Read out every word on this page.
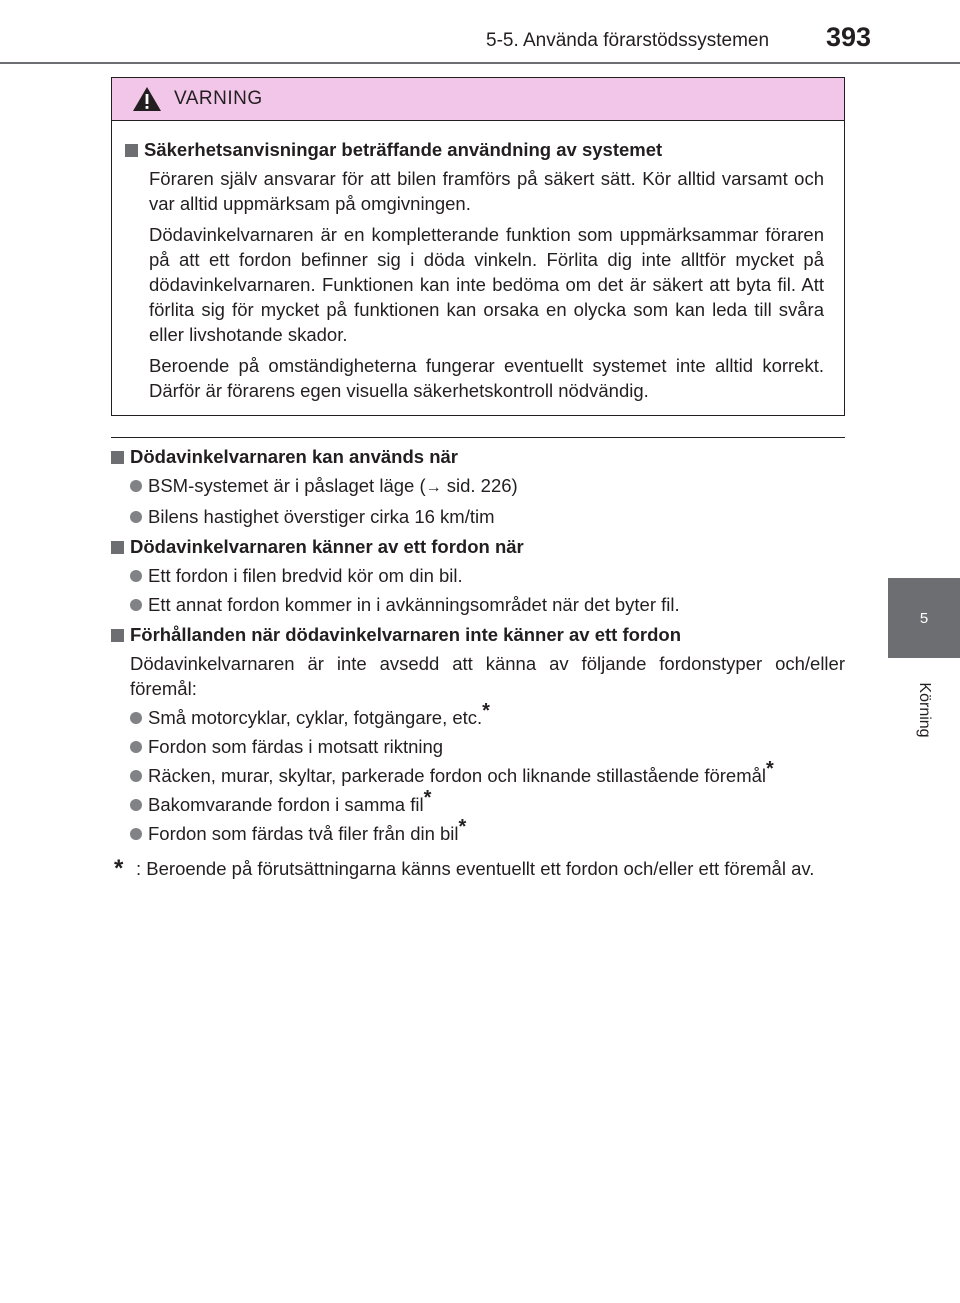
5-5. Använda förarstödssystemen 393
5
Körning
VARNING
Säkerhetsanvisningar beträffande användning av systemet

Föraren själv ansvarar för att bilen framförs på säkert sätt. Kör alltid varsamt och var alltid uppmärksam på omgivningen.

Dödavinkelvarnaren är en kompletterande funktion som uppmärksammar föraren på att ett fordon befinner sig i döda vinkeln. Förlita dig inte alltför mycket på dödavinkelvarnaren. Funktionen kan inte bedöma om det är säkert att byta fil. Att förlita sig för mycket på funktionen kan orsaka en olycka som kan leda till svåra eller livshotande skador.

Beroende på omständigheterna fungerar eventuellt systemet inte alltid korrekt. Därför är förarens egen visuella säkerhetskontroll nödvändig.

Dödavinkelvarnaren kan används när
BSM-systemet är i påslaget läge (→ sid. 226)
Bilens hastighet överstiger cirka 16 km/tim
Dödavinkelvarnaren känner av ett fordon när
Ett fordon i filen bredvid kör om din bil.
Ett annat fordon kommer in i avkänningsområdet när det byter fil.
Förhållanden när dödavinkelvarnaren inte känner av ett fordon

Dödavinkelvarnaren är inte avsedd att känna av följande fordonstyper och/eller föremål:

Små motorcyklar, cyklar, fotgängare, etc.*
Fordon som färdas i motsatt riktning
Räcken, murar, skyltar, parkerade fordon och liknande stillastående föremål*
Bakomvarande fordon i samma fil*
Fordon som färdas två filer från din bil*
* : Beroende på förutsättningarna känns eventuellt ett fordon och/eller ett föremål av.
